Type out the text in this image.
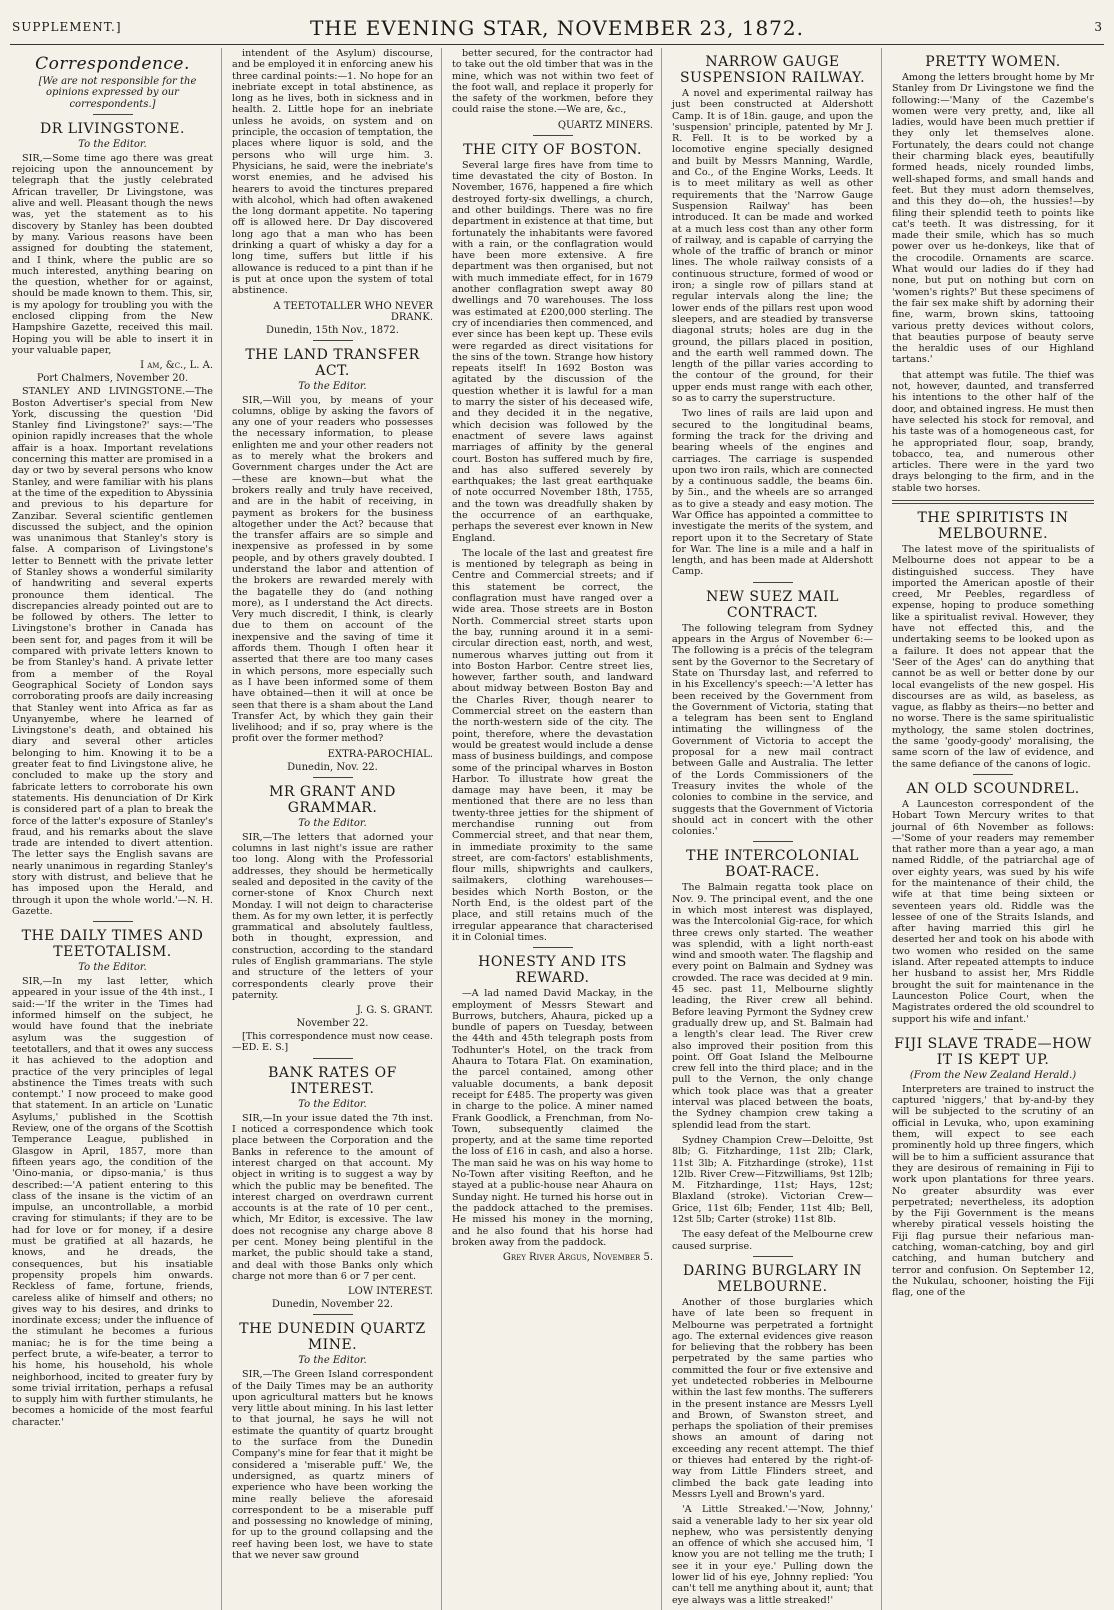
SUPPLEMENT.]	THE EVENING STAR, NOVEMBER 23, 1872.	3
Correspondence.

[We are not responsible for the opinions expressed by our correspondents.]

DR LIVINGSTONE.
To the Editor.

SIR,—Some time ago there was great rejoicing upon the announcement by telegraph that the justly celebrated African traveller, Dr Livingstone, was alive and well. Pleasant though the news was, yet the statement as to his discovery by Stanley has been doubted by many. Various reasons have been assigned for doubting the statement, and I think, where the public are so much interested, anything bearing on the question, whether for or against, should be made known to them. This, sir, is my apology for troubling you with the enclosed clipping from the New Hampshire Gazette, received this mail. Hoping you will be able to insert it in your valuable paper,

I am, &c., L. A.
Port Chalmers, November 20.

STANLEY AND LIVINGSTONE.—The Boston Advertiser's special from New York, discussing the question 'Did Stanley find Livingstone?' says:—'The opinion rapidly increases that the whole affair is a hoax. Important revelations concerning this matter are promised in a day or two by several persons who know Stanley, and were familiar with his plans at the time of the expedition to Abyssinia and previous to his departure for Zanzibar. Several scientific gentlemen discussed the subject, and the opinion was unanimous that Stanley's story is false. A comparison of Livingstone's letter to Bennett with the private letter of Stanley shows a wonderful similarity of handwriting and several experts pronounce them identical. The discrepancies already pointed out are to be followed by others. The letter to Livingstone's brother in Canada has been sent for, and pages from it will be compared with private letters known to be from Stanley's hand. A private letter from a member of the Royal Geographical Society of London says corroborating proofs are daily increasing that Stanley went into Africa as far as Unyanyembe, where he learned of Livingstone's death, and obtained his diary and several other articles belonging to him. Knowing it to be a greater feat to find Livingstone alive, he concluded to make up the story and fabricate letters to corroborate his own statements. His denunciation of Dr Kirk is considered part of a plan to break the force of the latter's exposure of Stanley's fraud, and his remarks about the slave trade are intended to divert attention. The letter says the English savans are nearly unanimous in regarding Stanley's story with distrust, and believe that he has imposed upon the Herald, and through it upon the whole world.'—N. H. Gazette.

THE DAILY TIMES AND TEETOTALISM.
To the Editor.

SIR,—In my last letter, which appeared in your issue of the 4th inst., I said:—'If the writer in the Times had informed himself on the subject, he would have found that the inebriate asylum was the suggestion of teetotallers, and that it owes any success it has achieved to the adoption and practice of the very principles of legal abstinence the Times treats with such contempt.' I now proceed to make good that statement. In an article on 'Lunatic Asylums,' published in the Scottish Review, one of the organs of the Scottish Temperance League, published in Glasgow in April, 1857, more than fifteen years ago, the condition of the 'Oino-mania, or dipso-mania,' is thus described:—'A patient entering to this class of the insane is the victim of an impulse, an uncontrollable, a morbid craving for stimulants; if they are to be had for love or for money, if a desire must be gratified at all hazards, he knows, and he dreads, the consequences, but his insatiable propensity propels him onwards. Reckless of fame, fortune, friends, careless alike of himself and others; no gives way to his desires, and drinks to inordinate excess; under the influence of the stimulant he becomes a furious maniac; he is for the time being a perfect brute, a wife-beater, a terror to his home, his household, his whole neighborhood, incited to greater fury by some trivial irritation, perhaps a refusal to supply him with further stimulants, he becomes a homicide of the most fearful character.'

intendent of the Asylum) discourse, and be employed it in enforcing anew his three cardinal points:—1. No hope for an inebriate except in total abstinence, as long as he lives, both in sickness and in health. 2. Little hope for an inebriate unless he avoids, on system and on principle, the occasion of temptation, the places where liquor is sold, and the persons who will urge him. 3. Physicians, he said, were the inebriate's worst enemies, and he advised his hearers to avoid the tinctures prepared with alcohol, which had often awakened the long dormant appetite. No tapering off is allowed here. Dr Day discovered long ago that a man who has been drinking a quart of whisky a day for a long time, suffers but little if his allowance is reduced to a pint than if he is put at once upon the system of total abstinence.

A TEETOTALLER WHO NEVER DRANK.
Dunedin, 15th Nov., 1872.
THE LAND TRANSFER ACT.
To the Editor.

SIR,—Will you, by means of your columns, oblige by asking the favors of any one of your readers who possesses the necessary information, to please enlighten me and your other readers not as to merely what the brokers and Government charges under the Act are —these are known—but what the brokers really and truly have received, and are in the habit of receiving, in payment as brokers for the business altogether under the Act? because that the transfer affairs are so simple and inexpensive as professed in by some people, and by others gravely doubted. I understand the labor and attention of the brokers are rewarded merely with the bagatelle they do (and nothing more), as I understand the Act directs. Very much discredit, I think, is clearly due to them on account of the inexpensive and the saving of time it affords them. Though I often hear it asserted that there are too many cases in which persons, more especially such as I have been informed some of them have obtained—then it will at once be seen that there is a sham about the Land Transfer Act, by which they gain their livelihood; and if so, pray where is the profit over the former method?

EXTRA-PAROCHIAL.
Dunedin, Nov. 22.
MR GRANT AND GRAMMAR.
To the Editor.

SIR,—The letters that adorned your columns in last night's issue are rather too long. Along with the Professorial addresses, they should be hermetically sealed and deposited in the cavity of the corner-stone of Knox Church next Monday. I will not deign to characterise them. As for my own letter, it is perfectly grammatical and absolutely faultless, both in thought, expression, and construction, according to the standard rules of English grammarians. The style and structure of the letters of your correspondents clearly prove their paternity.

J. G. S. GRANT.
November 22.

[This correspondence must now cease.—ED. E. S.]

BANK RATES OF INTEREST.
To the Editor.

SIR,—In your issue dated the 7th inst. I noticed a correspondence which took place between the Corporation and the Banks in reference to the amount of interest charged on that account. My object in writing is to suggest a way by which the public may be benefited. The interest charged on overdrawn current accounts is at the rate of 10 per cent., which, Mr Editor, is excessive. The law does not recognise any charge above 8 per cent. Money being plentiful in the market, the public should take a stand, and deal with those Banks only which charge not more than 6 or 7 per cent.

LOW INTEREST.
Dunedin, November 22.
THE DUNEDIN QUARTZ MINE.
To the Editor.

SIR,—The Green Island correspondent of the Daily Times may be an authority upon agricultural matters but he knows very little about mining. In his last letter to that journal, he says he will not estimate the quantity of quartz brought to the surface from the Dunedin Company's mine for fear that it might be considered a 'miserable puff.' We, the undersigned, as quartz miners of experience who have been working the mine really believe the aforesaid correspondent to be a miserable puff and possessing no knowledge of mining, for up to the ground collapsing and the reef having been lost, we have to state that we never saw ground

better secured, for the contractor had to take out the old timber that was in the mine, which was not within two feet of the foot wall, and replace it properly for the safety of the workmen, before they could raise the stone.—We are, &c.,

QUARTZ MINERS.
THE CITY OF BOSTON.

Several large fires have from time to time devastated the city of Boston. In November, 1676, happened a fire which destroyed forty-six dwellings, a church, and other buildings. There was no fire department in existence at that time, but fortunately the inhabitants were favored with a rain, or the conflagration would have been more extensive. A fire department was then organised, but not with much immediate effect, for in 1679 another conflagration swept away 80 dwellings and 70 warehouses. The loss was estimated at £200,000 sterling. The cry of incendiaries then commenced, and ever since has been kept up. These evils were regarded as direct visitations for the sins of the town. Strange how history repeats itself! In 1692 Boston was agitated by the discussion of the question whether it is lawful for a man to marry the sister of his deceased wife, and they decided it in the negative, which decision was followed by the enactment of severe laws against marriages of affinity by the general court. Boston has suffered much by fire, and has also suffered severely by earthquakes; the last great earthquake of note occurred November 18th, 1755, and the town was dreadfully shaken by the occurrence of an earthquake, perhaps the severest ever known in New England.

The locale of the last and greatest fire is mentioned by telegraph as being in Centre and Commercial streets; and if this statement be correct, the conflagration must have ranged over a wide area. Those streets are in Boston North. Commercial street starts upon the bay, running around it in a semi-circular direction east, north, and west, numerous wharves jutting out from it into Boston Harbor. Centre street lies, however, farther south, and landward about midway between Boston Bay and the Charles River, though nearer to Commercial street on the eastern than the north-western side of the city. The point, therefore, where the devastation would be greatest would include a dense mass of business buildings, and compose some of the principal wharves in Boston Harbor. To illustrate how great the damage may have been, it may be mentioned that there are no less than twenty-three jetties for the shipment of merchandise running out from Commercial street, and that near them, in immediate proximity to the same street, are com-factors' establishments, flour mills, shipwrights and caulkers, sailmakers, clothing warehouses—besides which North Boston, or the North End, is the oldest part of the place, and still retains much of the irregular appearance that characterised it in Colonial times.

HONESTY AND ITS REWARD.

—A lad named David Mackay, in the employment of Messrs Stewart and Burrows, butchers, Ahaura, picked up a bundle of papers on Tuesday, between the 44th and 45th telegraph posts from Todhunter's Hotel, on the track from Ahaura to Totara Flat. On examination, the parcel contained, among other valuable documents, a bank deposit receipt for £485. The property was given in charge to the police. A miner named Frank Goodlick, a Frenchman, from No-Town, subsequently claimed the property, and at the same time reported the loss of £16 in cash, and also a horse. The man said he was on his way home to No-Town after visiting Reefton, and he stayed at a public-house near Ahaura on Sunday night. He turned his horse out in the paddock attached to the premises. He missed his money in the morning, and he also found that his horse had broken away from the paddock.

Grey River Argus, November 5.
NARROW GAUGE SUSPENSION RAILWAY.

A novel and experimental railway has just been constructed at Aldershott Camp. It is of 18in. gauge, and upon the 'suspension' principle, patented by Mr J. R. Fell. It is to be worked by a locomotive engine specially designed and built by Messrs Manning, Wardle, and Co., of the Engine Works, Leeds. It is to meet military as well as other requirements that the 'Narrow Gauge Suspension Railway' has been introduced. It can be made and worked at a much less cost than any other form of railway, and is capable of carrying the whole of the traffic of branch or minor lines. The whole railway consists of a continuous structure, formed of wood or iron; a single row of pillars stand at regular intervals along the line; the lower ends of the pillars rest upon wood sleepers, and are steadied by transverse diagonal struts; holes are dug in the ground, the pillars placed in position, and the earth well rammed down. The length of the pillar varies according to the contour of the ground, for their upper ends must range with each other, so as to carry the superstructure.

Two lines of rails are laid upon and secured to the longitudinal beams, forming the track for the driving and bearing wheels of the engines and carriages. The carriage is suspended upon two iron rails, which are connected by a continuous saddle, the beams 6in. by 5in., and the wheels are so arranged as to give a steady and easy motion. The War Office has appointed a committee to investigate the merits of the system, and report upon it to the Secretary of State for War. The line is a mile and a half in length, and has been made at Aldershott Camp.

NEW SUEZ MAIL CONTRACT.

The following telegram from Sydney appears in the Argus of November 6:—The following is a précis of the telegram sent by the Governor to the Secretary of State on Thursday last, and referred to in his Excellency's speech:—'A letter has been received by the Government from the Government of Victoria, stating that a telegram has been sent to England intimating the willingness of the Government of Victoria to accept the proposal for a new mail contract between Galle and Australia. The letter of the Lords Commissioners of the Treasury invites the whole of the colonies to combine in the service, and suggests that the Government of Victoria should act in concert with the other colonies.'

THE INTERCOLONIAL BOAT-RACE.

The Balmain regatta took place on Nov. 9. The principal event, and the one in which most interest was displayed, was the Intercolonial Gig-race, for which three crews only started. The weather was splendid, with a light north-east wind and smooth water. The flagship and every point on Balmain and Sydney was crowded. The race was decided at 9 min. 45 sec. past 11, Melbourne slightly leading, the River crew all behind. Before leaving Pyrmont the Sydney crew gradually drew up, and St. Balmain had a length's clear lead. The River crew also improved their position from this point. Off Goat Island the Melbourne crew fell into the third place; and in the pull to the Vernon, the only change which took place was that a greater interval was placed between the boats, the Sydney champion crew taking a splendid lead from the start.

Sydney Champion Crew—Deloitte, 9st 8lb; G. Fitzhardinge, 11st 2lb; Clark, 11st 3lb; A. Fitzhardinge (stroke), 11st 12lb. River Crew—Fitzwilliams, 9st 12lb; M. Fitzhardinge, 11st; Hays, 12st; Blaxland (stroke). Victorian Crew—Grice, 11st 6lb; Fender, 11st 4lb; Bell, 12st 5lb; Carter (stroke) 11st 8lb.

The easy defeat of the Melbourne crew caused surprise.

DARING BURGLARY IN MELBOURNE.

Another of those burglaries which have of late been so frequent in Melbourne was perpetrated a fortnight ago. The external evidences give reason for believing that the robbery has been perpetrated by the same parties who committed the four or five extensive and yet undetected robberies in Melbourne within the last few months. The sufferers in the present instance are Messrs Lyell and Brown, of Swanston street, and perhaps the spoliation of their premises shows an amount of daring not exceeding any recent attempt. The thief or thieves had entered by the right-of-way from Little Flinders street, and climbed the back gate leading into Messrs Lyell and Brown's yard.

'A Little Streaked.'—'Now, Johnny,' said a venerable lady to her six year old nephew, who was persistently denying an offence of which she accused him, 'I know you are not telling me the truth; I see it in your eye.' Pulling down the lower lid of his eye, Johnny replied: 'You can't tell me anything about it, aunt; that eye always was a little streaked!'

PRETTY WOMEN.

Among the letters brought home by Mr Stanley from Dr Livingstone we find the following:—'Many of the Cazembe's women were very pretty, and, like all ladies, would have been much prettier if they only let themselves alone. Fortunately, the dears could not change their charming black eyes, beautifully formed heads, nicely rounded limbs, well-shaped forms, and small hands and feet. But they must adorn themselves, and this they do—oh, the hussies!—by filing their splendid teeth to points like cat's teeth. It was distressing, for it made their smile, which has so much power over us he-donkeys, like that of the crocodile. Ornaments are scarce. What would our ladies do if they had none, but put on nothing but corn on 'women's rights?' But these specimens of the fair sex make shift by adorning their fine, warm, brown skins, tattooing various pretty devices without colors, that beauties purpose of beauty serve the heraldic uses of our Highland tartans.'

that attempt was futile. The thief was not, however, daunted, and transferred his intentions to the other half of the door, and obtained ingress. He must then have selected his stock for removal, and his taste was of a homogeneous cast, for he appropriated flour, soap, brandy, tobacco, tea, and numerous other articles. There were in the yard two drays belonging to the firm, and in the stable two horses.

THE SPIRITISTS IN MELBOURNE.

The latest move of the spiritualists of Melbourne does not appear to be a distinguished success. They have imported the American apostle of their creed, Mr Peebles, regardless of expense, hoping to produce something like a spiritualist revival. However, they have not effected this, and the undertaking seems to be looked upon as a failure. It does not appear that the 'Seer of the Ages' can do anything that cannot be as well or better done by our local evangelists of the new gospel. His discourses are as wild, as baseless, as vague, as flabby as theirs—no better and no worse. There is the same spiritualistic mythology, the same stolen doctrines, the same 'goody-goody' moralising, the same scorn of the law of evidence, and the same defiance of the canons of logic.

AN OLD SCOUNDREL.

A Launceston correspondent of the Hobart Town Mercury writes to that journal of 6th November as follows:—'Some of your readers may remember that rather more than a year ago, a man named Riddle, of the patriarchal age of over eighty years, was sued by his wife for the maintenance of their child, the wife at that time being sixteen or seventeen years old. Riddle was the lessee of one of the Straits Islands, and after having married this girl he deserted her and took on his abode with two women who resided on the same island. After repeated attempts to induce her husband to assist her, Mrs Riddle brought the suit for maintenance in the Launceston Police Court, when the Magistrates ordered the old scoundrel to support his wife and infant.'

FIJI SLAVE TRADE—HOW IT IS KEPT UP.
(From the New Zealand Herald.)

Interpreters are trained to instruct the captured 'niggers,' that by-and-by they will be subjected to the scrutiny of an official in Levuka, who, upon examining them, will expect to see each prominently hold up three fingers, which will be to him a sufficient assurance that they are desirous of remaining in Fiji to work upon plantations for three years. No greater absurdity was ever perpetrated; nevertheless, its adoption by the Fiji Government is the means whereby piratical vessels hoisting the Fiji flag pursue their nefarious man-catching, woman-catching, boy and girl catching, and human butchery and terror and confusion. On September 12, the Nukulau, schooner, hoisting the Fiji flag, one of the
